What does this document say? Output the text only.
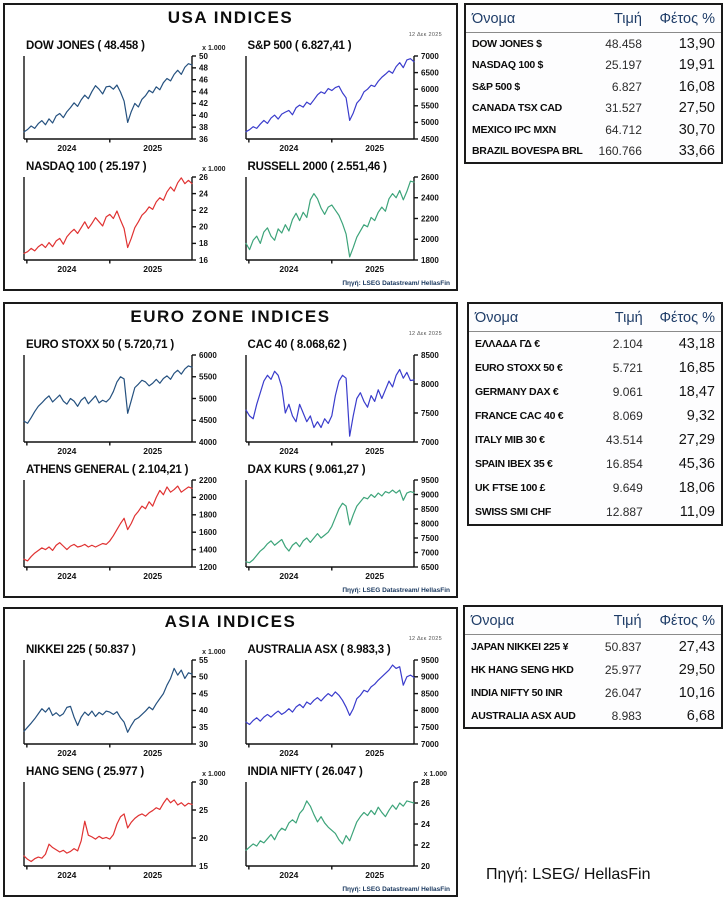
USA INDICES
12 Δεκ 2025
DOW JONES ( 48.458 )	x 1.000
36
38
40
42
44
46
48
50
2024	2025
S&P 500 ( 6.827,41 )
4500
5000
5500
6000
6500
7000
2024	2025
NASDAQ 100 ( 25.197 )	x 1.000
16
18
20
22
24
26
2024	2025
RUSSELL 2000 ( 2.551,46 )
1800
2000
2200
2400
2600
2024	2025
Πηγή: LSEG Datastream/ HellasFin
EURO ZONE INDICES
12 Δεκ 2025
EURO STOXX 50 ( 5.720,71 )
4000
4500
5000
5500
6000
2024	2025
CAC 40 ( 8.068,62 )
7000
7500
8000
8500
2024	2025
ATHENS GENERAL ( 2.104,21 )
1200
1400
1600
1800
2000
2200
2024	2025
DAX KURS ( 9.061,27 )
6500
7000
7500
8000
8500
9000
9500
2024	2025
Πηγή: LSEG Datastream/ HellasFin
ASIA INDICES
12 Δεκ 2025
NIKKEI 225 ( 50.837 )	x 1.000
30
35
40
45
50
55
2024	2025
AUSTRALIA ASX ( 8.983,3 )
7000
7500
8000
8500
9000
9500
2024	2025
HANG SENG ( 25.977 )	x 1.000
15
20
25
30
2024	2025
INDIA NIFTY ( 26.047 )	x 1.000
20
22
24
26
28
2024	2025
Πηγή: LSEG Datastream/ HellasFin
Όνομα	Τιμή	Φέτος %
DOW JONES $	48.458	13,90
NASDAQ 100 $	25.197	19,91
S&P 500 $	6.827	16,08
CANADA TSX CAD	31.527	27,50
MEXICO IPC MXN	64.712	30,70
BRAZIL BOVESPA BRL	160.766	33,66
Όνομα	Τιμή	Φέτος %
ΕΛΛΑΔΑ ΓΔ €	2.104	43,18
EURO STOXX 50 €	5.721	16,85
GERMANY DAX €	9.061	18,47
FRANCE CAC 40 €	8.069	9,32
ITALY MIB 30 €	43.514	27,29
SPAIN IBEX 35 €	16.854	45,36
UK FTSE 100 £	9.649	18,06
SWISS SMI CHF	12.887	11,09
Όνομα	Τιμή	Φέτος %
JAPAN NIKKEI 225 ¥	50.837	27,43
HK HANG SENG HKD	25.977	29,50
INDIA NIFTY 50 INR	26.047	10,16
AUSTRALIA ASX AUD	8.983	6,68
Πηγή: LSEG/ HellasFin
